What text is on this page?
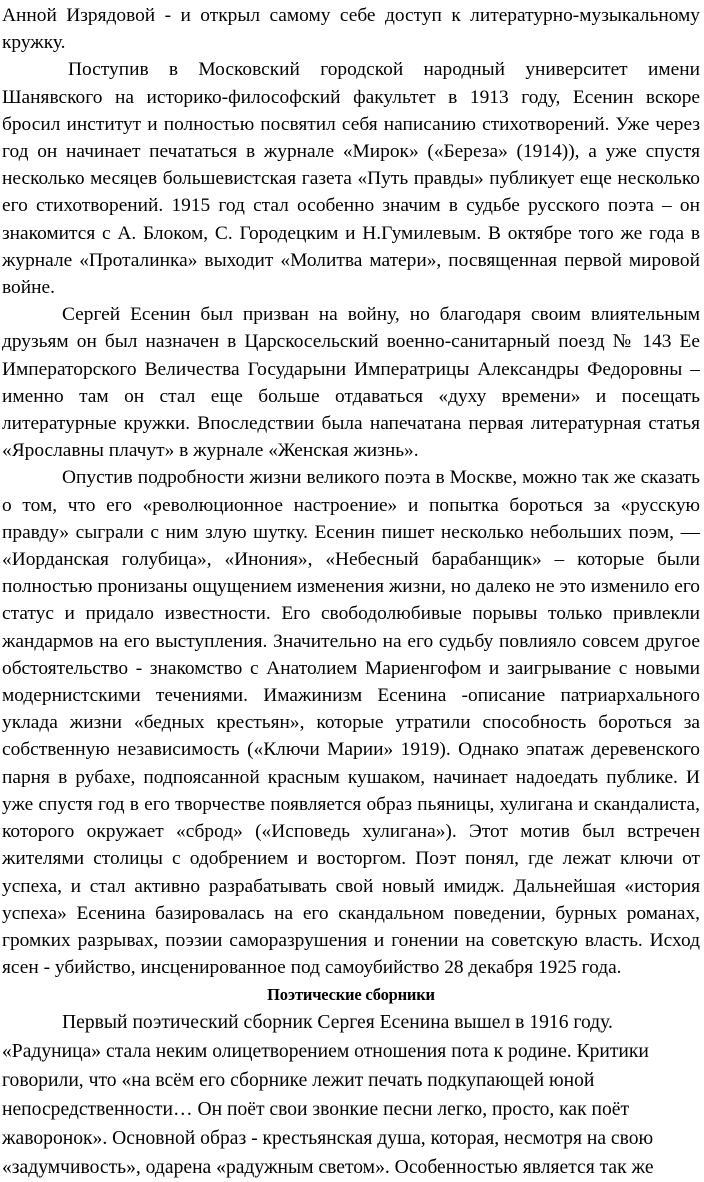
Анной Изрядовой - и открыл самому себе доступ к литературно-музыкальному кружку.

Поступив в Московский городской народный университет имени Шанявского на историко-философский факультет в 1913 году, Есенин вскоре бросил институт и полностью посвятил себя написанию стихотворений. Уже через год он начинает печататься в журнале «Мирок» («Береза» (1914)), а уже спустя несколько месяцев большевистская газета «Путь правды» публикует еще несколько его стихотворений. 1915 год стал особенно значим в судьбе русского поэта – он знакомится с А. Блоком, С. Городецким и Н.Гумилевым. В октябре того же года в журнале «Проталинка» выходит «Молитва матери», посвященная первой мировой войне.

Сергей Есенин был призван на войну, но благодаря своим влиятельным друзьям он был назначен в Царскосельский военно-санитарный поезд № 143 Ее Императорского Величества Государыни Императрицы Александры Федоровны – именно там он стал еще больше отдаваться «духу времени» и посещать литературные кружки. Впоследствии была напечатана первая литературная статья «Ярославны плачут» в журнале «Женская жизнь».

Опустив подробности жизни великого поэта в Москве, можно так же сказать о том, что его «революционное настроение» и попытка бороться за «русскую правду» сыграли с ним злую шутку. Есенин пишет несколько небольших поэм, — «Иорданская голубица», «Инония», «Небесный барабанщик» – которые были полностью пронизаны ощущением изменения жизни, но далеко не это изменило его статус и придало известности. Его свободолюбивые порывы только привлекли жандармов на его выступления. Значительно на его судьбу повлияло совсем другое обстоятельство - знакомство с Анатолием Мариенгофом и заигрывание с новыми модернистскими течениями. Имажинизм Есенина -описание патриархального уклада жизни «бедных крестьян», которые утратили способность бороться за собственную независимость («Ключи Марии» 1919). Однако эпатаж деревенского парня в рубахе, подпоясанной красным кушаком, начинает надоедать публике. И уже спустя год в его творчестве появляется образ пьяницы, хулигана и скандалиста, которого окружает «сброд» («Исповедь хулигана»). Этот мотив был встречен жителями столицы с одобрением и восторгом. Поэт понял, где лежат ключи от успеха, и стал активно разрабатывать свой новый имидж. Дальнейшая «история успеха» Есенина базировалась на его скандальном поведении, бурных романах, громких разрывах, поэзии саморазрушения и гонении на советскую власть. Исход ясен - убийство, инсценированное под самоубийство 28 декабря 1925 года.

Поэтические сборники

Первый поэтический сборник Сергея Есенина вышел в 1916 году.

«Радуница» стала неким олицетворением отношения пота к родине. Критики

говорили, что «на всём его сборнике лежит печать подкупающей юной

непосредственности… Он поёт свои звонкие песни легко, просто, как поёт

жаворонок». Основной образ - крестьянская душа, которая, несмотря на свою

«задумчивость», одарена «радужным светом». Особенностью является так же
